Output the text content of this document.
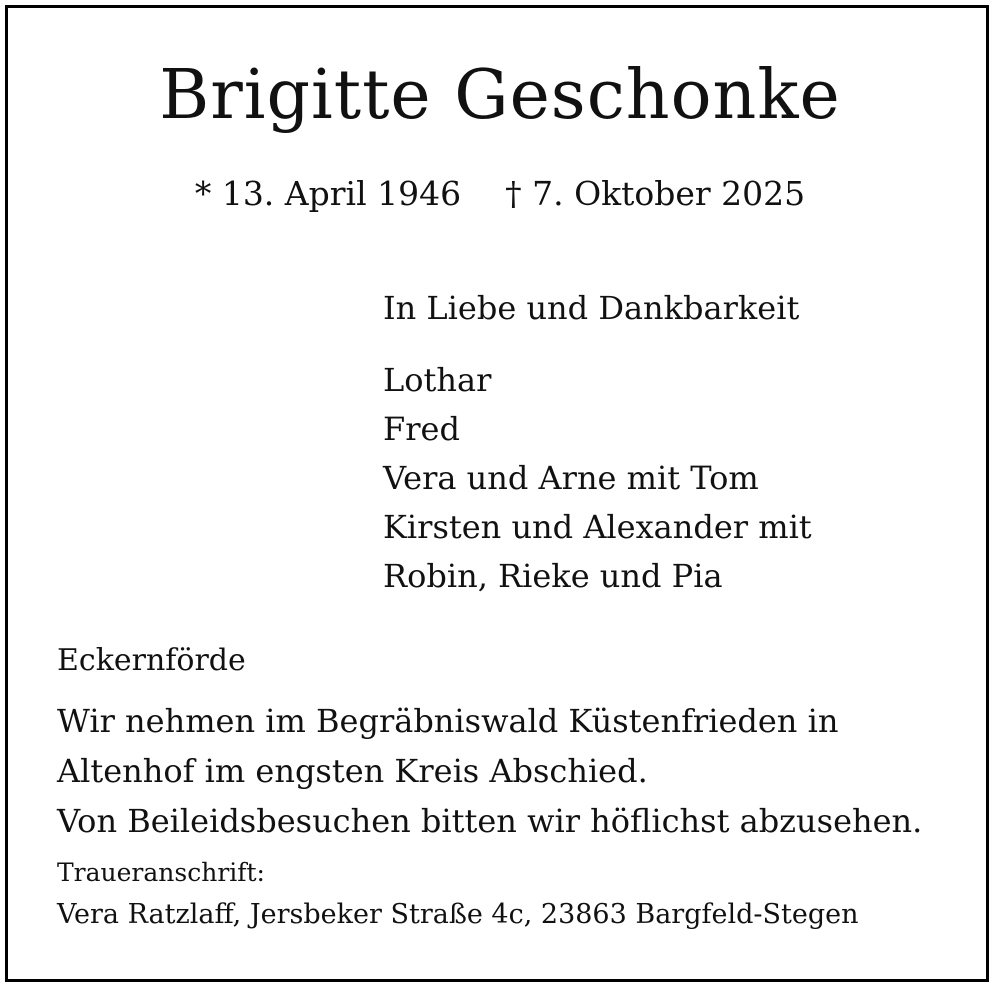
Brigitte Geschonke
* 13. April 1946 † 7. Oktober 2025
In Liebe und Dankbarkeit
Lothar
Fred
Vera und Arne mit Tom
Kirsten und Alexander mit
Robin, Rieke und Pia
Eckernförde
Wir nehmen im Begräbniswald Küstenfrieden in
Altenhof im engsten Kreis Abschied.
Von Beileidsbesuchen bitten wir höflichst abzusehen.
Traueranschrift:
Vera Ratzlaff, Jersbeker Straße 4c, 23863 Bargfeld-Stegen
